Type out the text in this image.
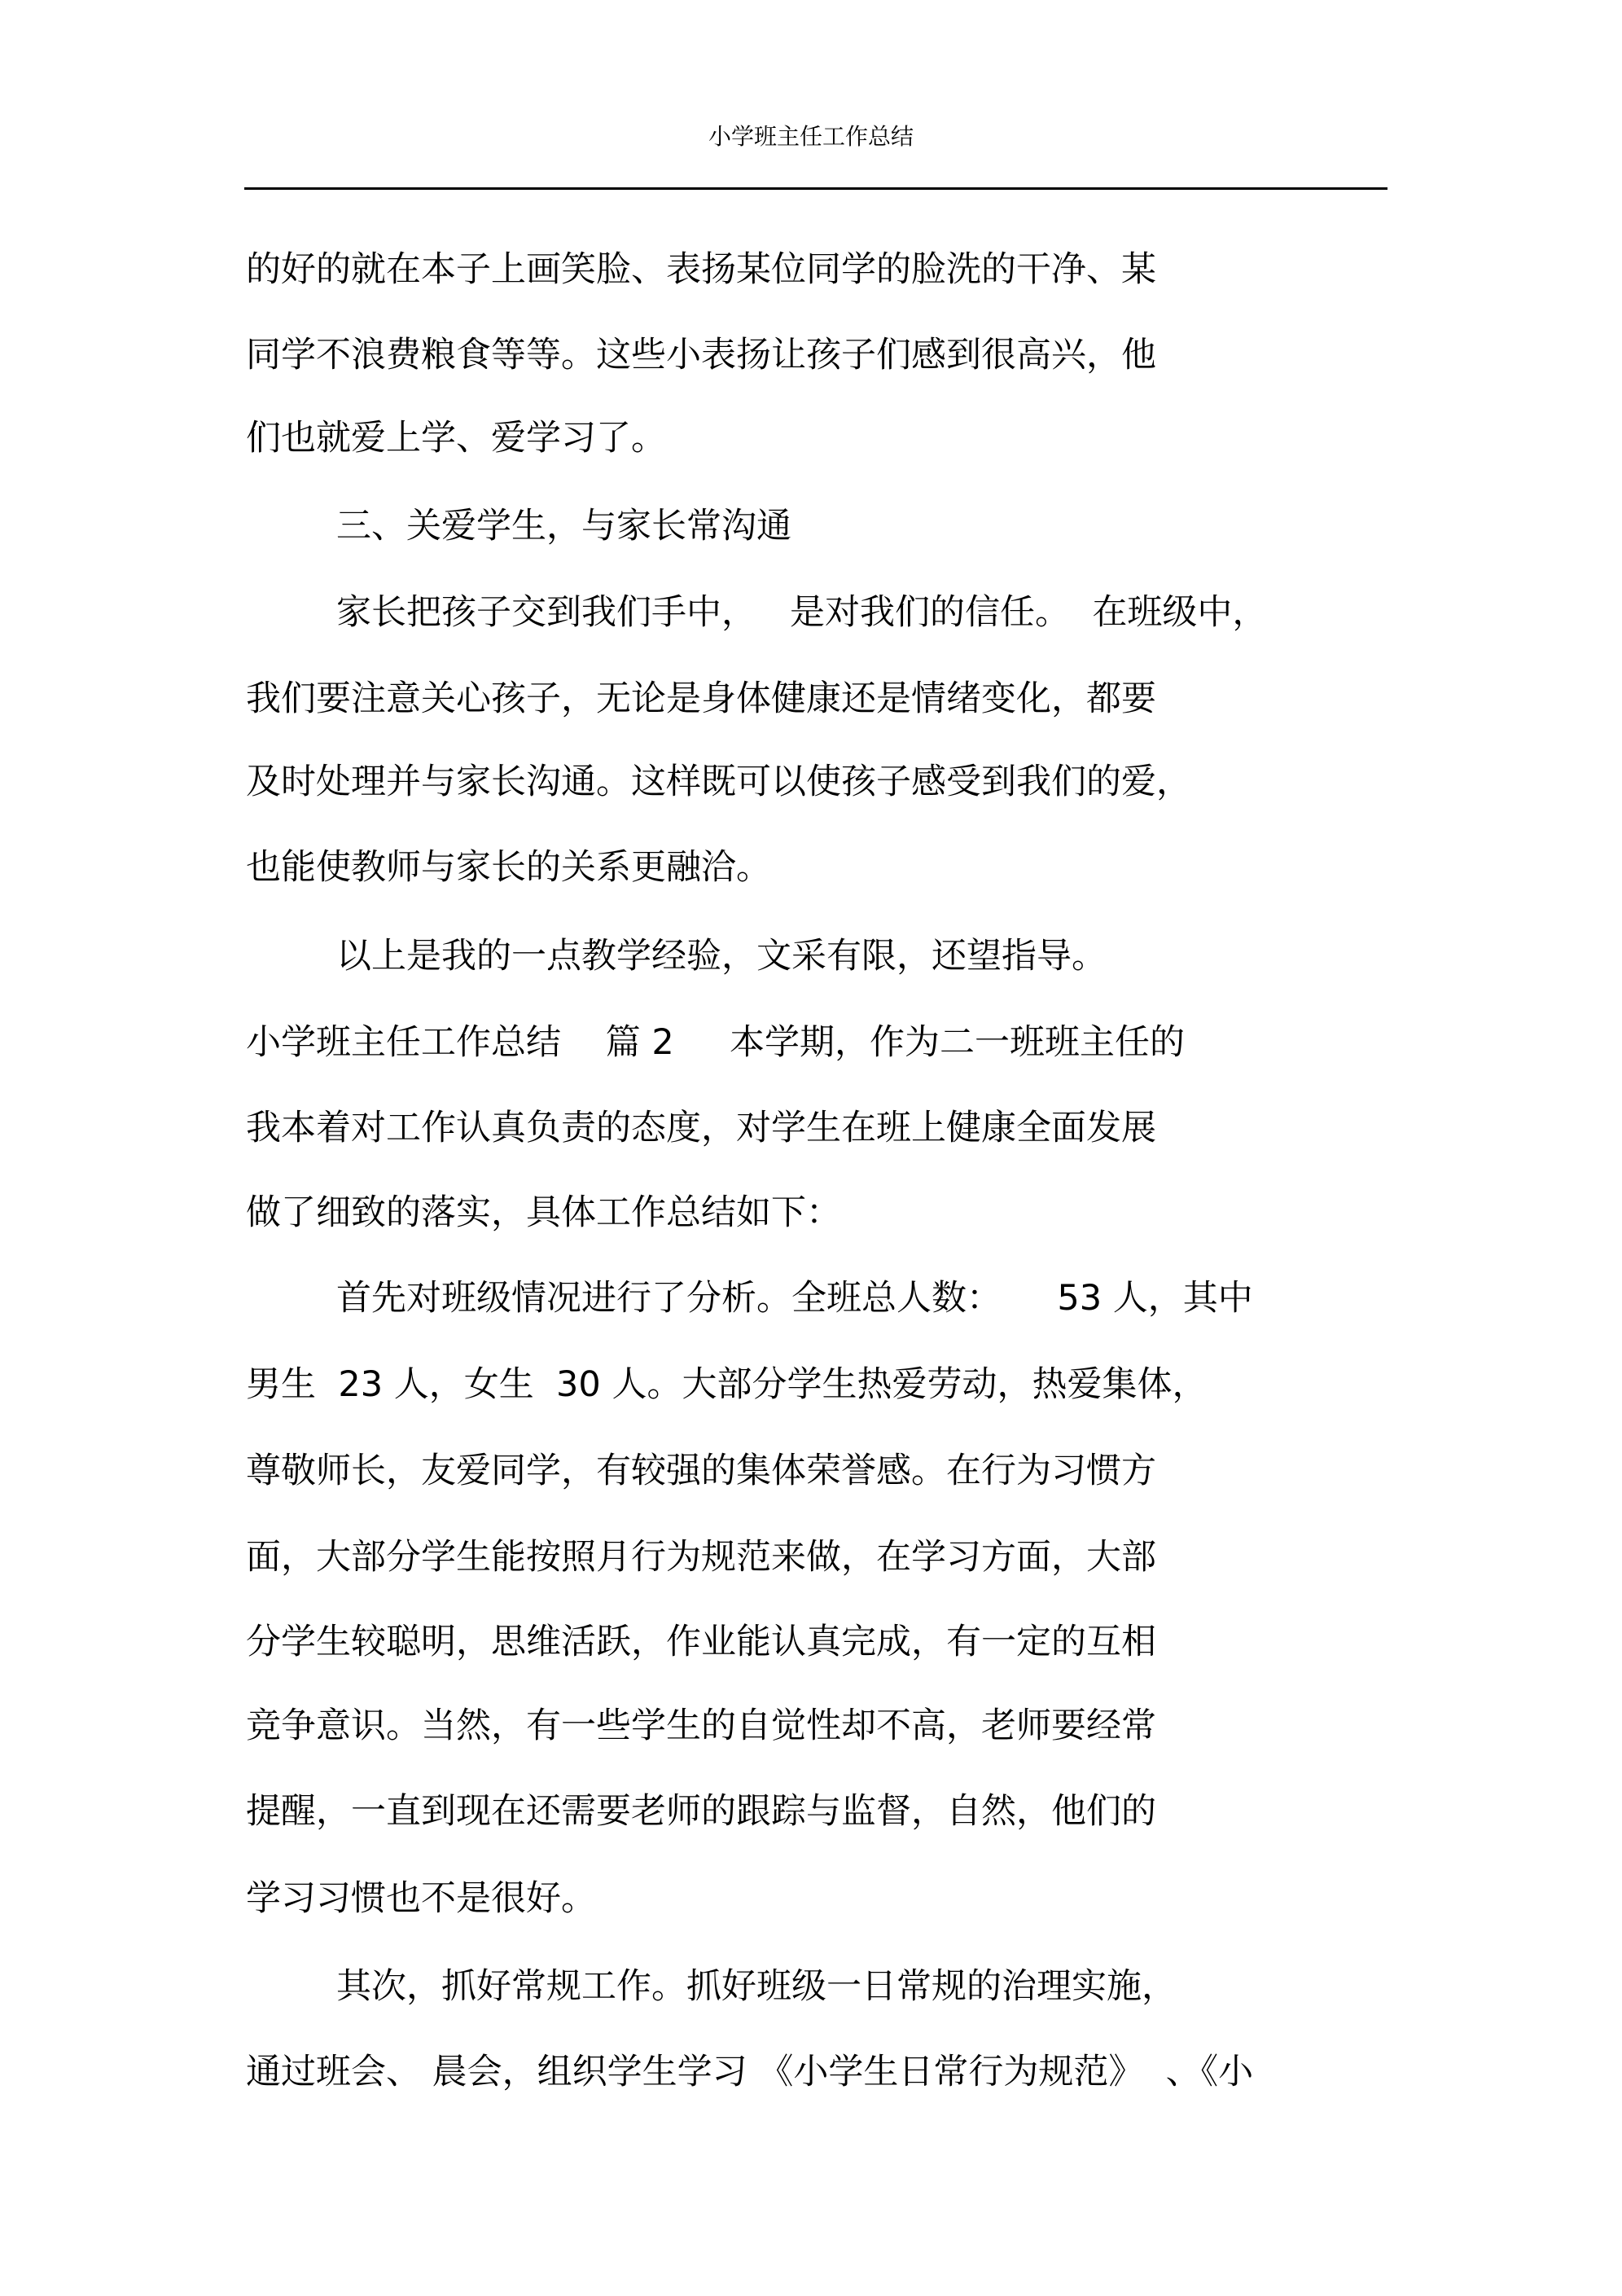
小学班主任工作总结
的好的就在本子上画笑脸、表扬某位同学的脸洗的干净、某
同学不浪费粮食等等。这些小表扬让孩子们感到很高兴，他
们也就爱上学、爱学习了。
三、关爱学生，与家长常沟通
家长把孩子交到我们手中，   是对我们的信任。  在班级中，
我们要注意关心孩子，无论是身体健康还是情绪变化，都要
及时处理并与家长沟通。这样既可以使孩子感受到我们的爱，
也能使教师与家长的关系更融洽。
以上是我的一点教学经验，文采有限，还望指导。
小学班主任工作总结    篇 2     本学期，作为二一班班主任的
我本着对工作认真负责的态度，对学生在班上健康全面发展
做了细致的落实，具体工作总结如下：
首先对班级情况进行了分析。全班总人数：     53 人，其中
男生  23 人，女生  30 人。大部分学生热爱劳动，热爱集体，
尊敬师长，友爱同学，有较强的集体荣誉感。在行为习惯方
面，大部分学生能按照月行为规范来做，在学习方面，大部
分学生较聪明，思维活跃，作业能认真完成，有一定的互相
竞争意识。当然，有一些学生的自觉性却不高，老师要经常
提醒，一直到现在还需要老师的跟踪与监督，自然，他们的
学习习惯也不是很好。
其次，抓好常规工作。抓好班级一日常规的治理实施，
通过班会、 晨会，组织学生学习 《小学生日常行为规范》  、《小
